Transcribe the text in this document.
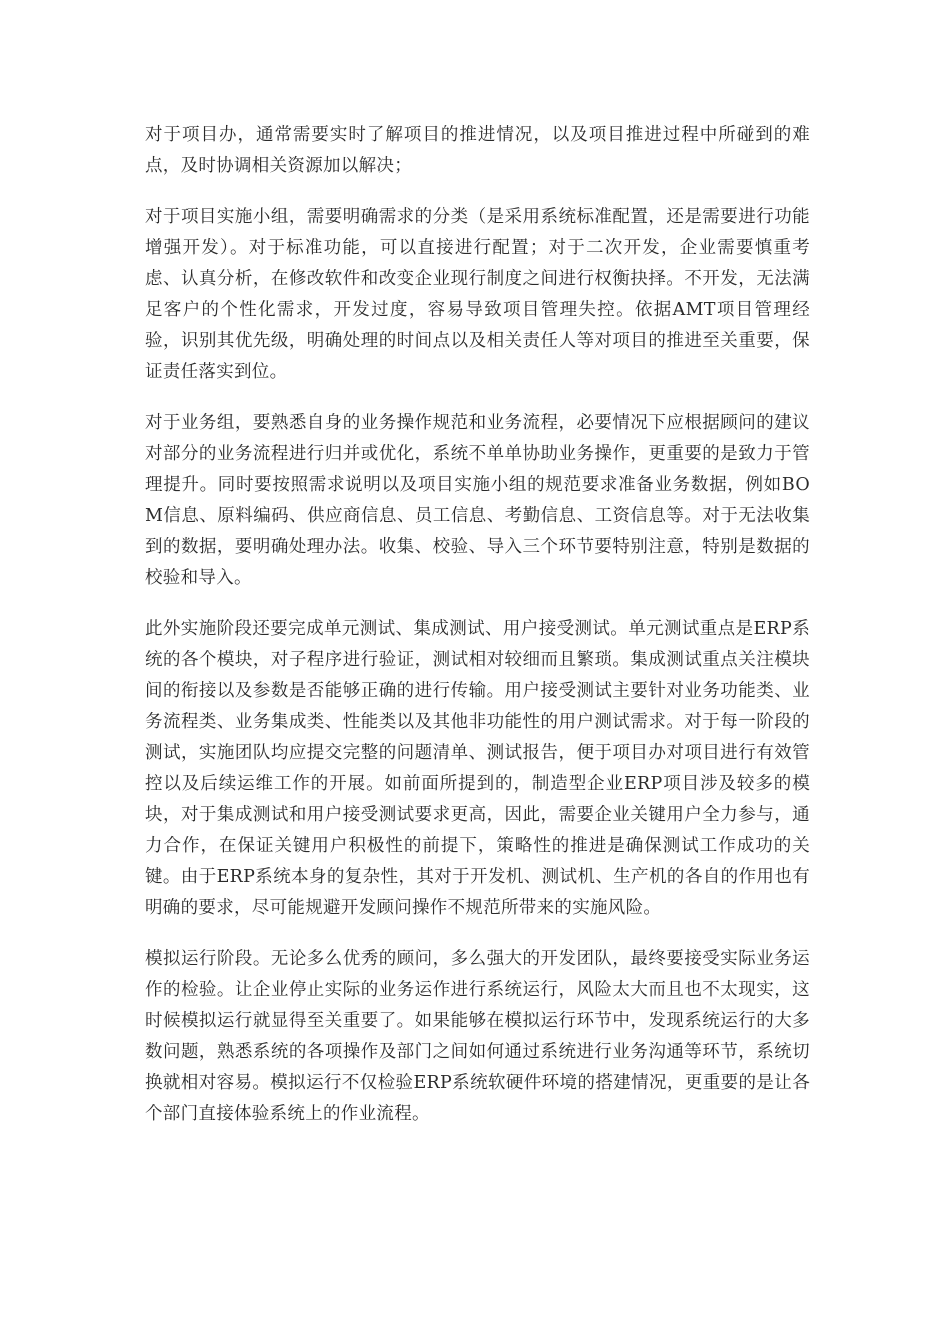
对于项目办，通常需要实时了解项目的推进情况，以及项目推进过程中所碰到的难点，及时协调相关资源加以解决；

对于项目实施小组，需要明确需求的分类（是采用系统标准配置，还是需要进行功能增强开发）。对于标准功能，可以直接进行配置；对于二次开发，企业需要慎重考虑、认真分析，在修改软件和改变企业现行制度之间进行权衡抉择。不开发，无法满足客户的个性化需求，开发过度，容易导致项目管理失控。依据AMT项目管理经验，识别其优先级，明确处理的时间点以及相关责任人等对项目的推进至关重要，保证责任落实到位。

对于业务组，要熟悉自身的业务操作规范和业务流程，必要情况下应根据顾问的建议对部分的业务流程进行归并或优化，系统不单单协助业务操作，更重要的是致力于管理提升。同时要按照需求说明以及项目实施小组的规范要求准备业务数据，例如BOM信息、原料编码、供应商信息、员工信息、考勤信息、工资信息等。对于无法收集到的数据，要明确处理办法。收集、校验、导入三个环节要特别注意，特别是数据的校验和导入。

此外实施阶段还要完成单元测试、集成测试、用户接受测试。单元测试重点是ERP系统的各个模块，对子程序进行验证，测试相对较细而且繁琐。集成测试重点关注模块间的衔接以及参数是否能够正确的进行传输。用户接受测试主要针对业务功能类、业务流程类、业务集成类、性能类以及其他非功能性的用户测试需求。对于每一阶段的测试，实施团队均应提交完整的问题清单、测试报告，便于项目办对项目进行有效管控以及后续运维工作的开展。如前面所提到的，制造型企业ERP项目涉及较多的模块，对于集成测试和用户接受测试要求更高，因此，需要企业关键用户全力参与，通力合作，在保证关键用户积极性的前提下，策略性的推进是确保测试工作成功的关键。由于ERP系统本身的复杂性，其对于开发机、测试机、生产机的各自的作用也有明确的要求，尽可能规避开发顾问操作不规范所带来的实施风险。

模拟运行阶段。无论多么优秀的顾问，多么强大的开发团队，最终要接受实际业务运作的检验。让企业停止实际的业务运作进行系统运行，风险太大而且也不太现实，这时候模拟运行就显得至关重要了。如果能够在模拟运行环节中，发现系统运行的大多数问题，熟悉系统的各项操作及部门之间如何通过系统进行业务沟通等环节，系统切换就相对容易。模拟运行不仅检验ERP系统软硬件环境的搭建情况，更重要的是让各个部门直接体验系统上的作业流程。
